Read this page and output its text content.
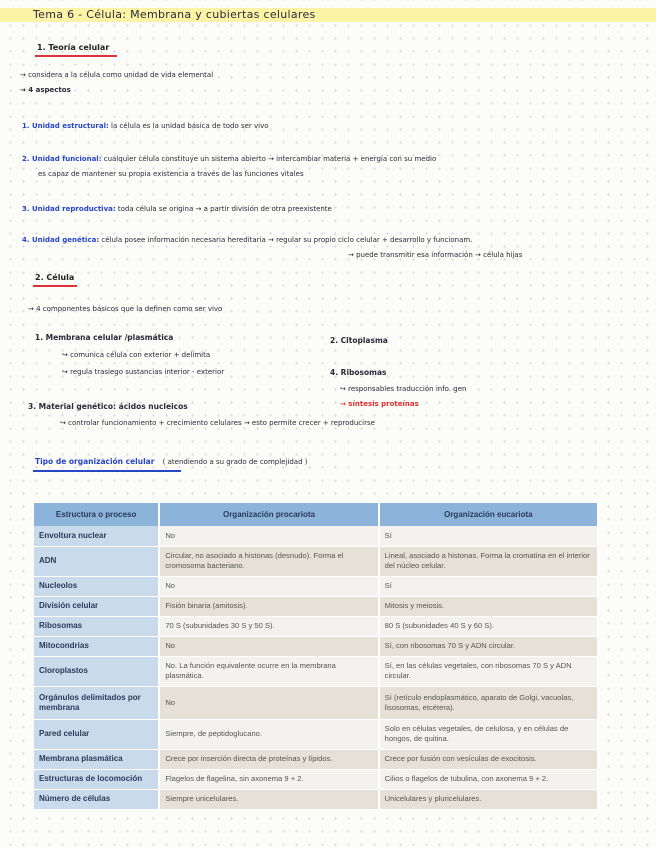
Tema 6 - Célula: Membrana y cubiertas celulares
1. Teoría celular
→ considera a la célula como unidad de vida elemental
→ 4 aspectos
1. Unidad estructural: la célula es la unidad básica de todo ser vivo
2. Unidad funcional: cualquier célula constituye un sistema abierto → intercambiar materia + energía con su medio
es capaz de mantener su propia existencia a través de las funciones vitales
3. Unidad reproductiva: toda célula se origina → a partir división de otra preexistente
4. Unidad genética: célula posee información necesaria hereditaria → regular su propio ciclo celular + desarrollo y funcionam.
→ puede transmitir esa información → célula hijas
2. Célula
→ 4 componentes básicos que la definen como ser vivo
1. Membrana celular /plasmática
↪ comunica célula con exterior + delimita
↪ regula trasiego sustancias interior - exterior
2. Citoplasma
4. Ribosomas
↪ responsables traducción info. gen
→ síntesis proteínas
3. Material genético: ácidos nucleicos
↪ controlar funcionamiento + crecimiento celulares → esto permite crecer + reproducirse
Tipo de organización celular ( atendiendo a su grado de complejidad )
Estructura o proceso	Organización procariota	Organización eucariota
Envoltura nuclear	No	Sí
ADN	Circular, no asociado a histonas (desnudo). Forma el cromosoma bacteriano.	Lineal, asociado a histonas. Forma la cromatina en el interior del núcleo celular.
Nucleolos	No	Sí
División celular	Fisión binaria (amitosis).	Mitosis y meiosis.
Ribosomas	70 S (subunidades 30 S y 50 S).	80 S (subunidades 40 S y 60 S).
Mitocondrias	No	Sí, con ribosomas 70 S y ADN circular.
Cloroplastos	No. La función equivalente ocurre en la membrana plasmática.	Sí, en las células vegetales, con ribosomas 70 S y ADN circular.
Orgánulos delimitados por membrana	No	Sí (retículo endoplasmático, aparato de Golgi, vacuolas, lisosomas, etcétera).
Pared celular	Siempre, de peptidoglucano.	Solo en células vegetales, de celulosa, y en células de hongos, de quitina.
Membrana plasmática	Crece por inserción directa de proteínas y lípidos.	Crece por fusión con vesículas de exocitosis.
Estructuras de locomoción	Flagelos de flagelina, sin axonema 9 + 2.	Cilios o flagelos de tubulina, con axonema 9 + 2.
Número de células	Siempre unicelulares.	Unicelulares y pluricelulares.
